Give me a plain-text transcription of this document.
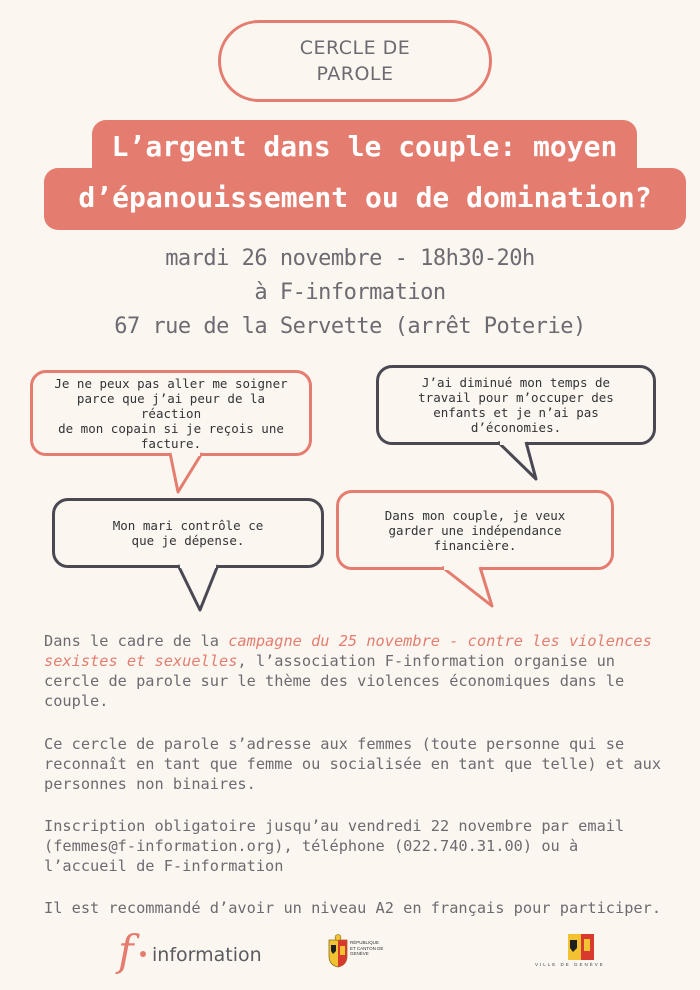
CERCLE DE
PAROLE
L’argent dans le couple: moyen
d’épanouissement ou de domination?
mardi 26 novembre - 18h30-20h
à F-information
67 rue de la Servette (arrêt Poterie)
Je ne peux pas aller me soigner
parce que j’ai peur de la réaction
de mon copain si je reçois une
facture.
J’ai diminué mon temps de
travail pour m’occuper des
enfants et je n’ai pas
d’économies.
Mon mari contrôle ce
que je dépense.
Dans mon couple, je veux
garder une indépendance
financière.
Dans le cadre de la campagne du 25 novembre - contre les violences sexistes et sexuelles, l’association F-information organise un cercle de parole sur le thème des violences économiques dans le couple.
Ce cercle de parole s’adresse aux femmes (toute personne qui se reconnaît en tant que femme ou socialisée en tant que telle) et aux personnes non binaires.
Inscription obligatoire jusqu’au vendredi 22 novembre par email (femmes@f-information.org), téléphone (022.740.31.00) ou à l’accueil de F-information
Il est recommandé d’avoir un niveau A2 en français pour participer.
f information
RÉPUBLIQUE ET CANTON DE GENÈVE
VILLE DE GENÈVE
